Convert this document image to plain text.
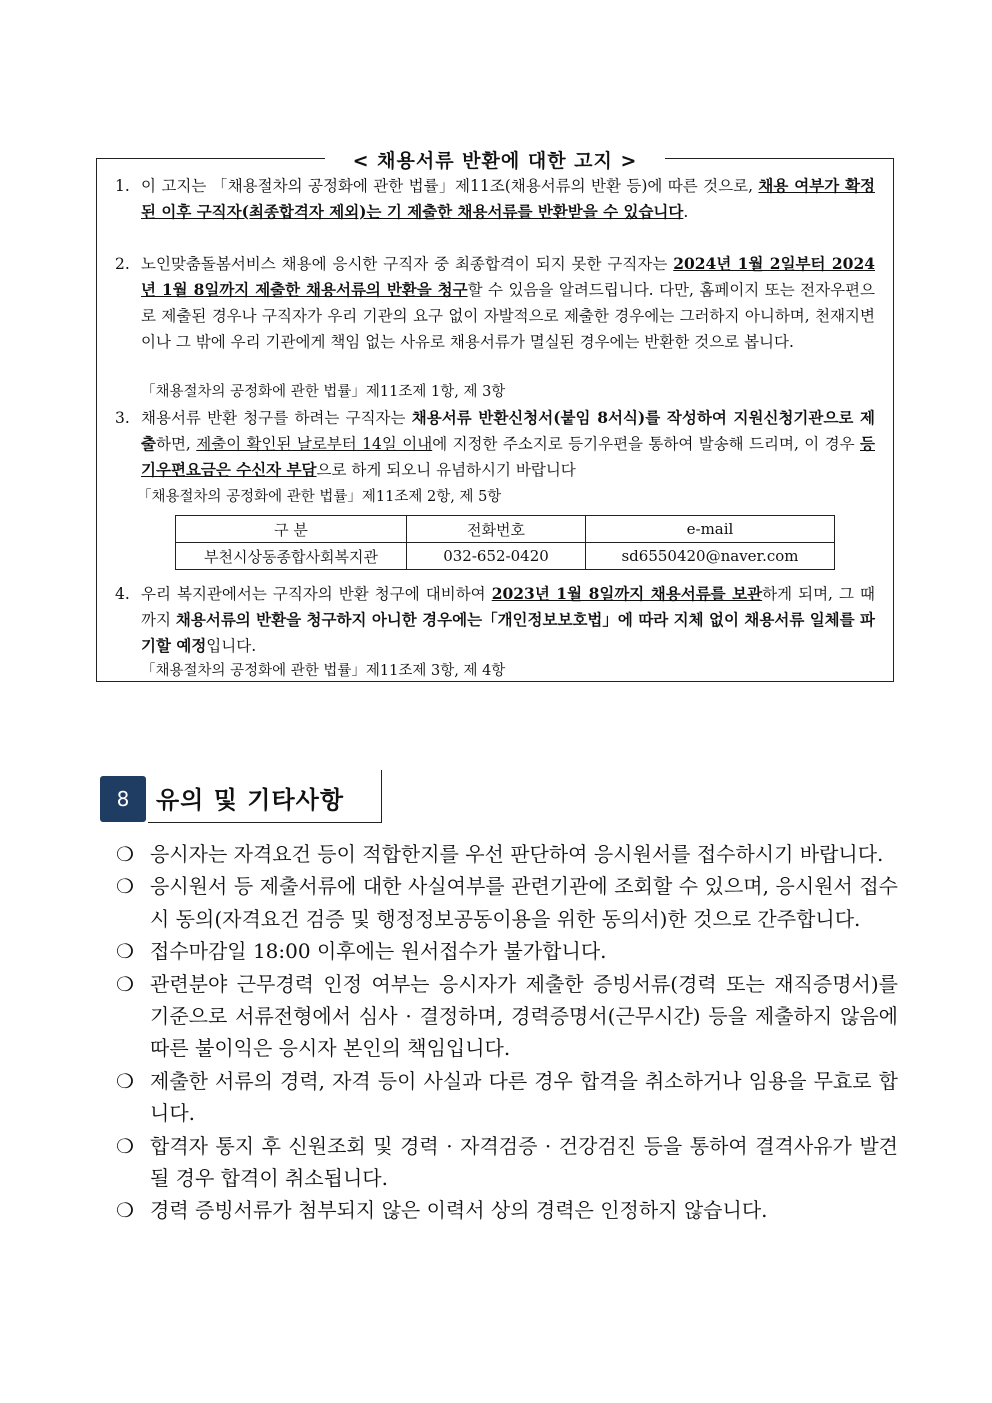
< 채용서류 반환에 대한 고지 >
1. 이 고지는 「채용절차의 공정화에 관한 법률」제11조(채용서류의 반환 등)에 따른 것으로, 채용 여부가 확정된 이후 구직자(최종합격자 제외)는 기 제출한 채용서류를 반환받을 수 있습니다.
2. 노인맞춤돌봄서비스 채용에 응시한 구직자 중 최종합격이 되지 못한 구직자는 2024년 1월 2일부터 2024년 1월 8일까지 제출한 채용서류의 반환을 청구할 수 있음을 알려드립니다. 다만, 홈페이지 또는 전자우편으로 제출된 경우나 구직자가 우리 기관의 요구 없이 자발적으로 제출한 경우에는 그러하지 아니하며, 천재지변이나 그 밖에 우리 기관에게 책임 없는 사유로 채용서류가 멸실된 경우에는 반환한 것으로 봅니다.
「채용절차의 공정화에 관한 법률」제11조제 1항, 제 3항
3. 채용서류 반환 청구를 하려는 구직자는 채용서류 반환신청서(붙임 8서식)를 작성하여 지원신청기관으로 제출하면, 제출이 확인된 날로부터 14일 이내에 지정한 주소지로 등기우편을 통하여 발송해 드리며, 이 경우 등기우편요금은 수신자 부담으로 하게 되오니 유념하시기 바랍니다
「채용절차의 공정화에 관한 법률」제11조제 2항, 제 5항
구 분	전화번호	e-mail
부천시상동종합사회복지관	032-652-0420	sd6550420@naver.com
4. 우리 복지관에서는 구직자의 반환 청구에 대비하여 2023년 1월 8일까지 채용서류를 보관하게 되며, 그 때까지 채용서류의 반환을 청구하지 아니한 경우에는「개인정보보호법」에 따라 지체 없이 채용서류 일체를 파기할 예정입니다.
「채용절차의 공정화에 관한 법률」제11조제 3항, 제 4항
8	유의 및 기타사항
❍ 응시자는 자격요건 등이 적합한지를 우선 판단하여 응시원서를 접수하시기 바랍니다.
❍ 응시원서 등 제출서류에 대한 사실여부를 관련기관에 조회할 수 있으며, 응시원서 접수 시 동의(자격요건 검증 및 행정정보공동이용을 위한 동의서)한 것으로 간주합니다.
❍ 접수마감일 18:00 이후에는 원서접수가 불가합니다.
❍ 관련분야 근무경력 인정 여부는 응시자가 제출한 증빙서류(경력 또는 재직증명서)를 기준으로 서류전형에서 심사 · 결정하며, 경력증명서(근무시간) 등을 제출하지 않음에 따른 불이익은 응시자 본인의 책임입니다.
❍ 제출한 서류의 경력, 자격 등이 사실과 다른 경우 합격을 취소하거나 임용을 무효로 합니다.
❍ 합격자 통지 후 신원조회 및 경력 · 자격검증 · 건강검진 등을 통하여 결격사유가 발견될 경우 합격이 취소됩니다.
❍ 경력 증빙서류가 첨부되지 않은 이력서 상의 경력은 인정하지 않습니다.
